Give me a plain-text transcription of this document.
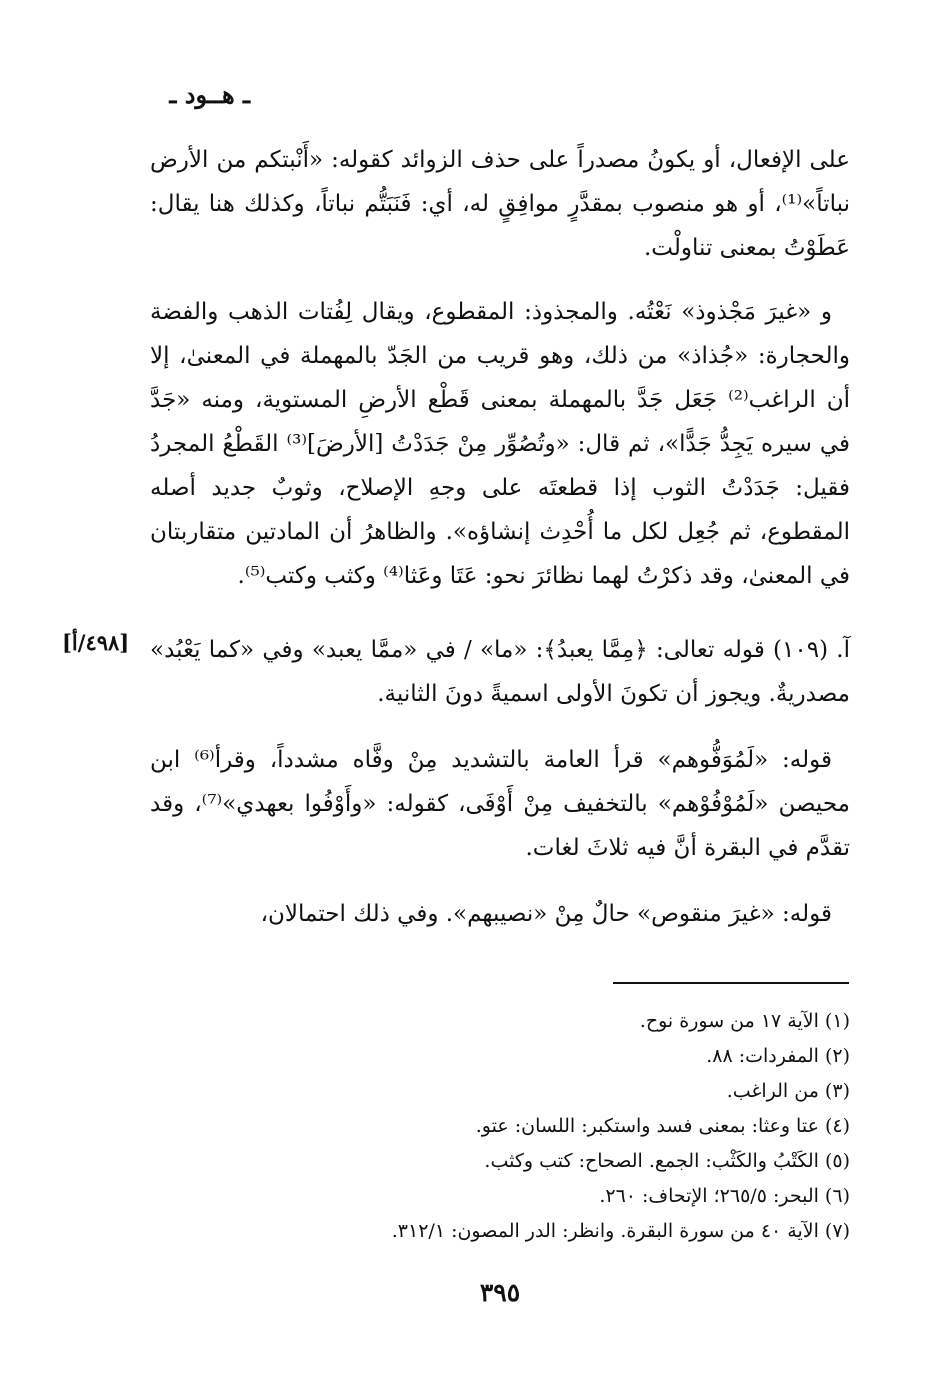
ـ هــود ـ

على الإفعال، أو يكونُ مصدراً على حذف الزوائد كقوله: «أَنْبتكم من الأرض نباتاً»⁽¹⁾، أو هو منصوب بمقدَّرٍ موافِقٍ له، أي: فَنَبَتُّم نباتاً، وكذلك هنا يقال: عَطَوْتُ بمعنى تناولْت.

و «غيرَ مَجْذوذ» نَعْتُه. والمجذوذ: المقطوع، ويقال لِفُتات الذهب والفضة والحجارة: «جُذاذ» من ذلك، وهو قريب من الجَدّ بالمهملة في المعنىٰ، إلا أن الراغب⁽²⁾ جَعَل جَدَّ بالمهملة بمعنى قَطْع الأرضِ المستوية، ومنه «جَدَّ في سيره يَجِدُّ جَدًّا»، ثم قال: «وتُصُوِّر مِنْ جَدَدْتُ [الأرضَ]⁽³⁾ القَطْعُ المجردُ فقيل: جَدَدْتُ الثوب إذا قطعتَه على وجهِ الإصلاح، وثوبٌ جديد أصله المقطوع، ثم جُعِل لكل ما أُحْدِث إنشاؤه». والظاهرُ أن المادتين متقاربتان في المعنىٰ، وقد ذكرْتُ لهما نظائرَ نحو: عَتَا وعَثا⁽⁴⁾ وكثب وكتب⁽⁵⁾.

آ. (١٠٩) قوله تعالى: ﴿مِمَّا يعبدُ﴾: «ما» / في «ممَّا يعبد» وفي «كما يَعْبُد» مصدريةٌ. ويجوز أن تكونَ الأولى اسميةً دونَ الثانية.

قوله: «لَمُوَفُّوهم» قرأ العامة بالتشديد مِنْ وفَّاه مشدداً، وقرأ⁽⁶⁾ ابن محيصن «لَمُوْفُوْهم» بالتخفيف مِنْ أَوْفَى، كقوله: «وأَوْفُوا بعهدي»⁽⁷⁾، وقد تقدَّم في البقرة أنَّ فيه ثلاثَ لغات.

قوله: «غيرَ منقوص» حالٌ مِنْ «نصيبهم». وفي ذلك احتمالان،

[٤٩٨/أ]
(١) الآية ١٧ من سورة نوح.
(٢) المفردات: ٨٨.
(٣) من الراغب.
(٤) عتا وعثا: بمعنى فسد واستكبر: اللسان: عتو.
(٥) الكَتْبُ والكَثْب: الجمع. الصحاح: كتب وكثب.
(٦) البحر: ٢٦٥/٥؛ الإتحاف: ٢٦٠.
(٧) الآية ٤٠ من سورة البقرة. وانظر: الدر المصون: ٣١٢/١.
٣٩٥
